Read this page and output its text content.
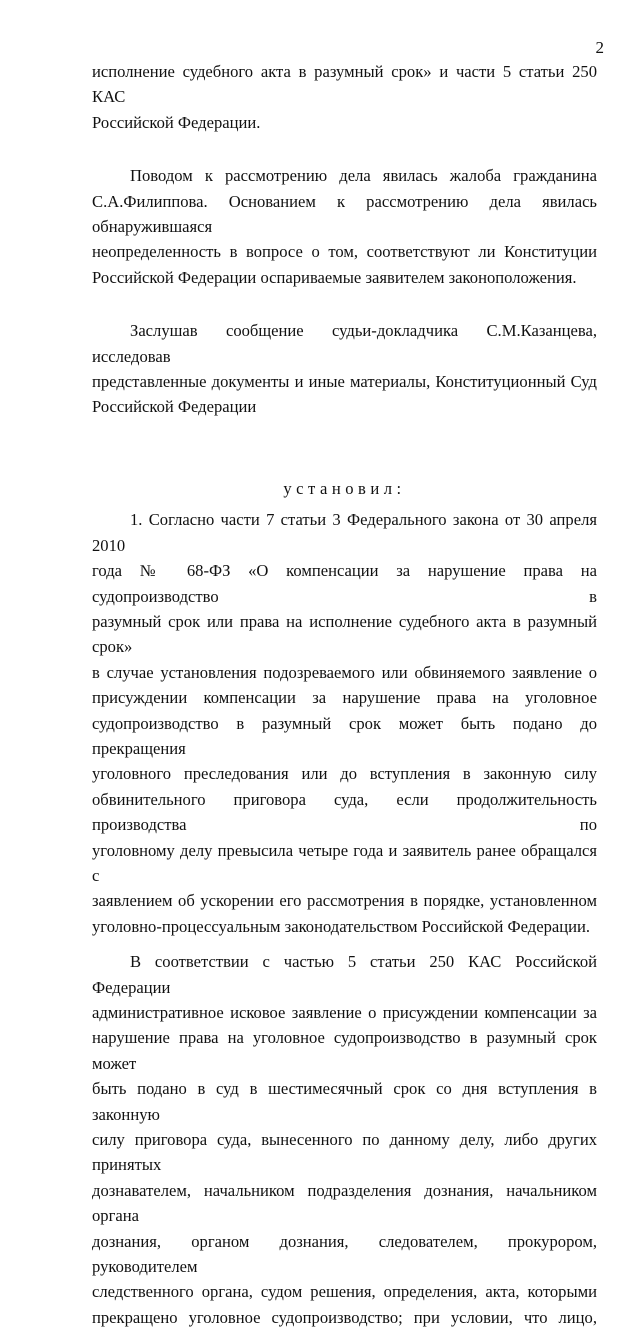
2

исполнение судебного акта в разумный срок» и части 5 статьи 250 КАС

Российской Федерации.

Поводом к рассмотрению дела явилась жалоба гражданина

С.А.Филиппова. Основанием к рассмотрению дела явилась обнаружившаяся

неопределенность в вопросе о том, соответствуют ли Конституции

Российской Федерации оспариваемые заявителем законоположения.

Заслушав сообщение судьи-докладчика С.М.Казанцева, исследовав

представленные документы и иные материалы, Конституционный Суд

Российской Федерации

установил:

1. Согласно части 7 статьи 3 Федерального закона от 30 апреля 2010

года № 68-ФЗ «О компенсации за нарушение права на судопроизводство в

разумный срок или права на исполнение судебного акта в разумный срок»

в случае установления подозреваемого или обвиняемого заявление о

присуждении компенсации за нарушение права на уголовное

судопроизводство в разумный срок может быть подано до прекращения

уголовного преследования или до вступления в законную силу

обвинительного приговора суда, если продолжительность производства по

уголовному делу превысила четыре года и заявитель ранее обращался с

заявлением об ускорении его рассмотрения в порядке, установленном

уголовно-процессуальным законодательством Российской Федерации.

В соответствии с частью 5 статьи 250 КАС Российской Федерации

административное исковое заявление о присуждении компенсации за

нарушение права на уголовное судопроизводство в разумный срок может

быть подано в суд в шестимесячный срок со дня вступления в законную

силу приговора суда, вынесенного по данному делу, либо других принятых

дознавателем, начальником подразделения дознания, начальником органа

дознания, органом дознания, следователем, прокурором, руководителем

следственного органа, судом решения, определения, акта, которыми

прекращено уголовное судопроизводство; при условии, что лицо,
